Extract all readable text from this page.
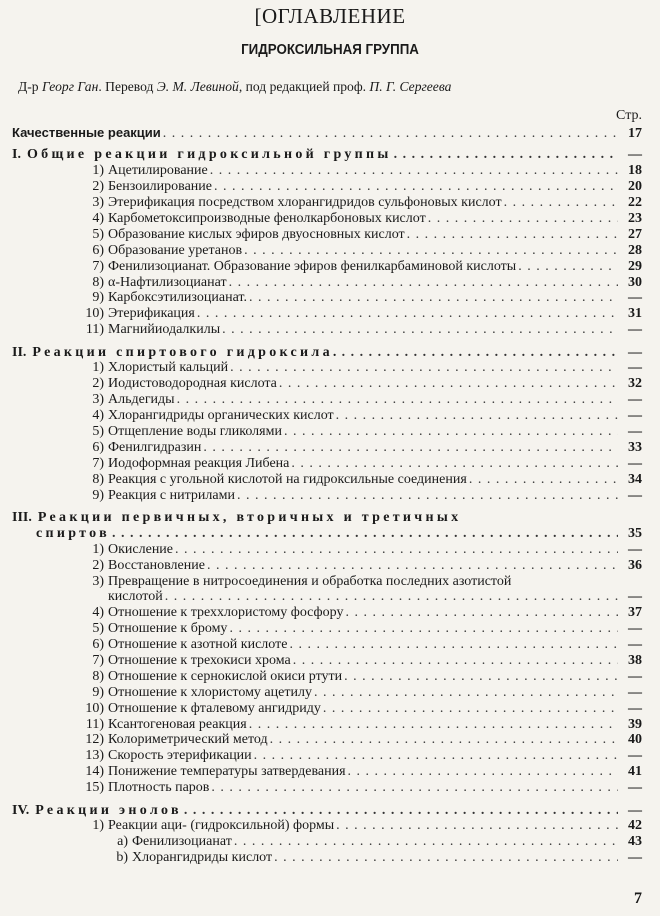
[ОГЛАВЛЕНИЕ
ГИДРОКСИЛЬНАЯ ГРУППА
Д-р Георг Ган. Перевод Э. М. Левиной, под редакцией проф. П. Г. Сергеева
Стр.
Качественные реакции . . .	17
I. Общие реакции гидроксильной группы . . .	—
1) Ацетилирование . . .	18
2) Бензоилирование . . .	20
3) Этерификация посредством хлорангидридов сульфоновых кислот . . .	22
4) Карбометоксипроизводные фенолкарбоновых кислот . . .	23
5) Образование кислых эфиров двуосновных кислот . . .	27
6) Образование уретанов . . .	28
7) Фенилизоцианат. Образование эфиров фенилкарбаминовой кислоты . . .	29
8) α-Нафтилизоцианат . . .	30
9) Карбоксэтилизоцианат. . . .	—
10) Этерификация . . .	31
11) Магнийиодалкилы . . .	—
II. Реакции спиртового гидроксила. . . .	—
1) Хлористый кальций . . .	—
2) Иодистоводородная кислота . . .	32
3) Альдегиды . . .	—
4) Хлорангидриды органических кислот . . .	—
5) Отщепление воды гликолями . . .	—
6) Фенилгидразин . . .	33
7) Иодоформная реакция Либена . . .	—
8) Реакция с угольной кислотой на гидроксильные соединения . . .	34
9) Реакция с нитрилами . . .	—
III. Реакции первичных, вторичных и третичных
спиртов . . .	35
1) Окисление . . .	—
2) Восстановление . . .	36
3) Превращение в нитросоединения и обработка последних азотистой
кислотой . . .	—
4) Отношение к треххлористому фосфору . . .	37
5) Отношение к брому . . .	—
6) Отношение к азотной кислоте . . .	—
7) Отношение к трехокиси хрома . . .	38
8) Отношение к сернокислой окиси ртути . . .	—
9) Отношение к хлористому ацетилу . . .	—
10) Отношение к фталевому ангидриду . . .	—
11) Ксантогеновая реакция . . .	39
12) Колориметрический метод . . .	40
13) Скорость этерификации . . .	—
14) Понижение температуры затвердевания . . .	41
15) Плотность паров . . .	—
IV. Реакции энолов . . .	—
1) Реакции аци- (гидроксильной) формы . . .	42
a) Фенилизоцианат . . .	43
b) Хлорангидриды кислот . . .	—
7
